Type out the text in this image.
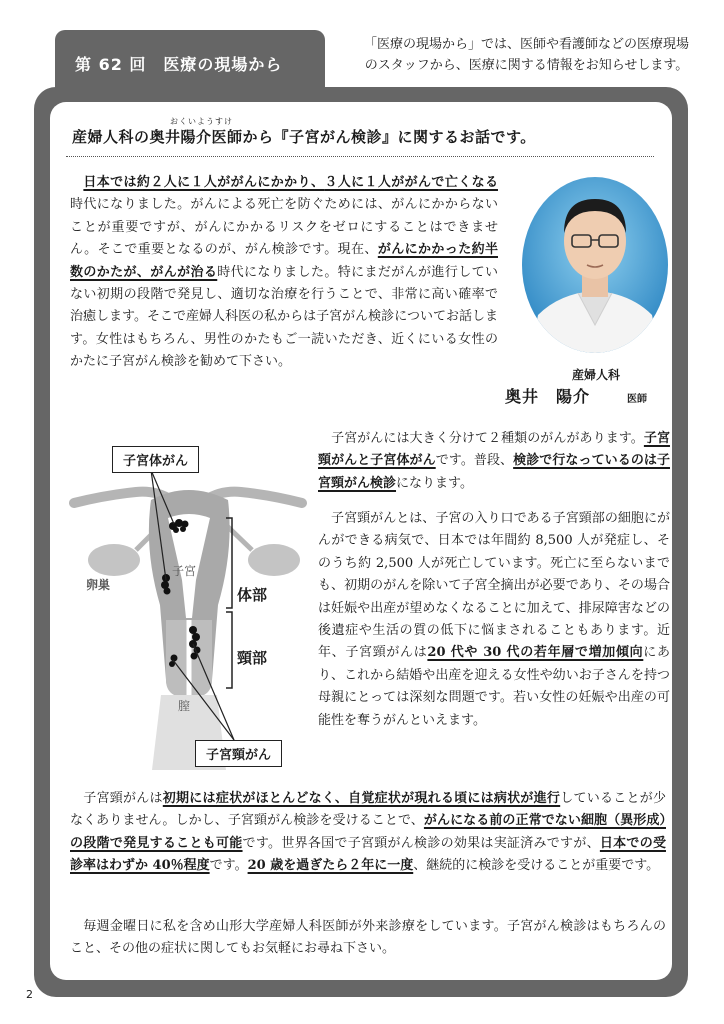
第 62 回　医療の現場から
「医療の現場から」では、医師や看護師などの医療現場
のスタッフから、医療に関する情報をお知らせします。
おくいようすけ
産婦人科の奥井陽介医師から『子宮がん検診』に関するお話です。
　日本では約２人に１人ががんにかかり、３人に１人ががんで亡くなる時代になりました。がんによる死亡を防ぐためには、がんにかからないことが重要ですが、がんにかかるリスクをゼロにすることはできません。そこで重要となるのが、がん検診です。現在、がんにかかった約半数のかたが、がんが治る時代になりました。特にまだがんが進行していない初期の段階で発見し、適切な治療を行うことで、非常に高い確率で治癒します。そこで産婦人科医の私からは子宮がん検診についてお話します。女性はもちろん、男性のかたもご一読いただき、近くにいる女性のかたに子宮がん検診を勧めて下さい。
　子宮がんには大きく分けて２種類のがんがあります。子宮頸がんと子宮体がんです。普段、検診で行なっているのは子宮頸がん検診になります。
　子宮頸がんとは、子宮の入り口である子宮頸部の細胞にがんができる病気で、日本では年間約 8,500 人が発症し、そのうち約 2,500 人が死亡しています。死亡に至らないまでも、初期のがんを除いて子宮全摘出が必要であり、その場合は妊娠や出産が望めなくなることに加えて、排尿障害などの後遺症や生活の質の低下に悩まされることもあります。近年、子宮頸がんは20 代や 30 代の若年層で増加傾向にあり、これから結婚や出産を迎える女性や幼いお子さんを持つ母親にとっては深刻な問題です。若い女性の妊娠や出産の可能性を奪うがんといえます。
　子宮頸がんは初期には症状がほとんどなく、自覚症状が現れる頃には病状が進行していることが少なくありません。しかし、子宮頸がん検診を受けることで、がんになる前の正常でない細胞（異形成）の段階で発見することも可能です。世界各国で子宮頸がん検診の効果は実証済みですが、日本での受診率はわずか 40％程度です。20 歳を過ぎたら２年に一度、継続的に検診を受けることが重要です。
　毎週金曜日に私を含め山形大学産婦人科医師が外来診療をしています。子宮がん検診はもちろんのこと、その他の症状に関してもお気軽にお尋ね下さい。
産婦人科
奥井　陽介	医師
子宮体がん
子宮頸がん
子宮
卵巣
膣
体部
頸部
2
